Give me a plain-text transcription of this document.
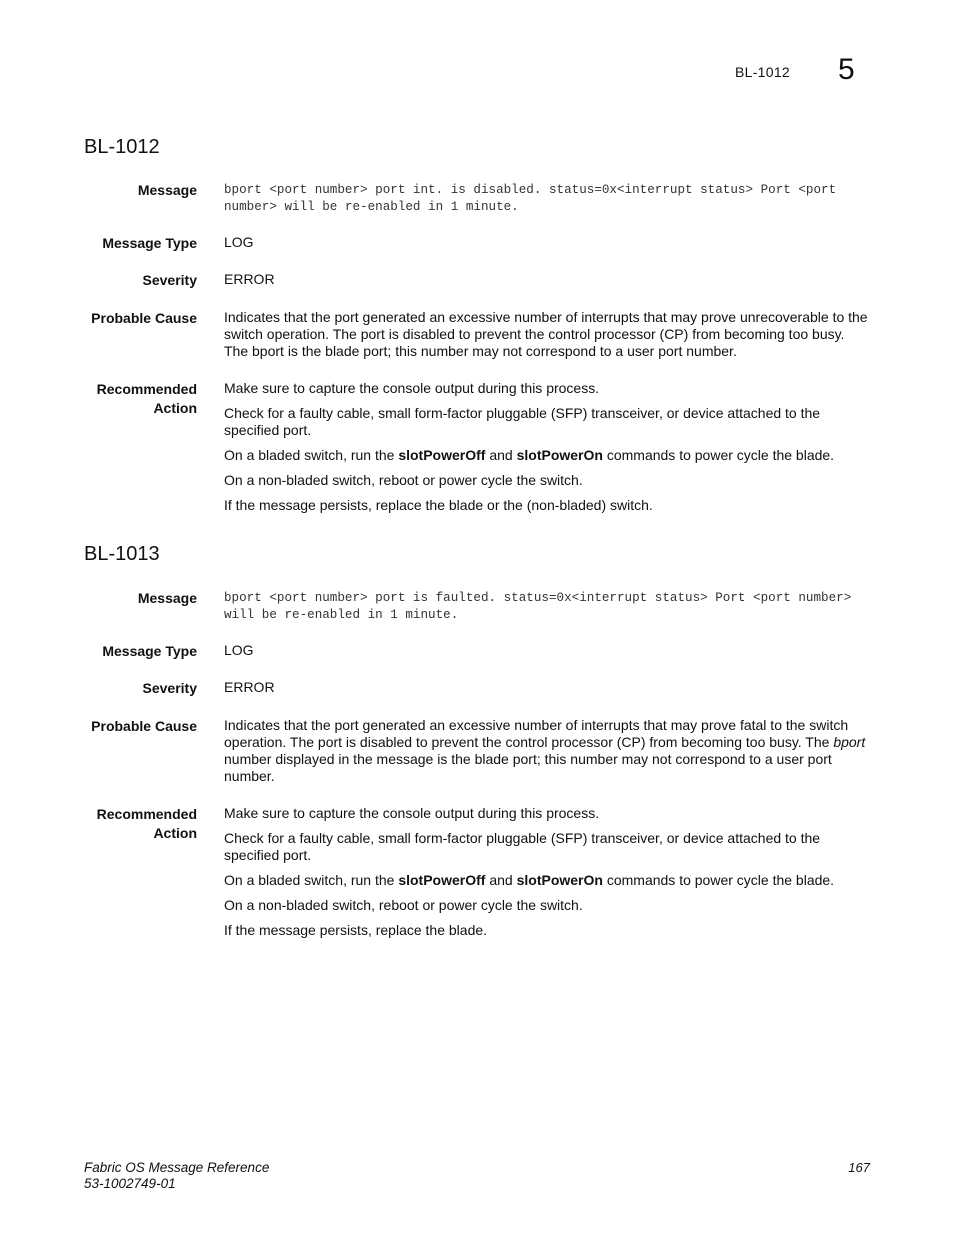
BL-1012 5
BL-1012
Message bport <port number> port int. is disabled. status=0x<interrupt status> Port <port number> will be re-enabled in 1 minute.
Message Type LOG
Severity ERROR
Probable Cause Indicates that the port generated an excessive number of interrupts that may prove unrecoverable to the switch operation. The port is disabled to prevent the control processor (CP) from becoming too busy. The bport is the blade port; this number may not correspond to a user port number.
Recommended
Action

Make sure to capture the console output during this process.

Check for a faulty cable, small form-factor pluggable (SFP) transceiver, or device attached to the specified port.

On a bladed switch, run the slotPowerOff and slotPowerOn commands to power cycle the blade.

On a non-bladed switch, reboot or power cycle the switch.

If the message persists, replace the blade or the (non-bladed) switch.

BL-1013
Message bport <port number> port is faulted. status=0x<interrupt status> Port <port number> will be re-enabled in 1 minute.
Message Type LOG
Severity ERROR
Probable Cause Indicates that the port generated an excessive number of interrupts that may prove fatal to the switch operation. The port is disabled to prevent the control processor (CP) from becoming too busy. The bport number displayed in the message is the blade port; this number may not correspond to a user port number.
Recommended
Action

Make sure to capture the console output during this process.

Check for a faulty cable, small form-factor pluggable (SFP) transceiver, or device attached to the specified port.

On a bladed switch, run the slotPowerOff and slotPowerOn commands to power cycle the blade.

On a non-bladed switch, reboot or power cycle the switch.

If the message persists, replace the blade.

Fabric OS Message Reference
53-1002749-01
167
